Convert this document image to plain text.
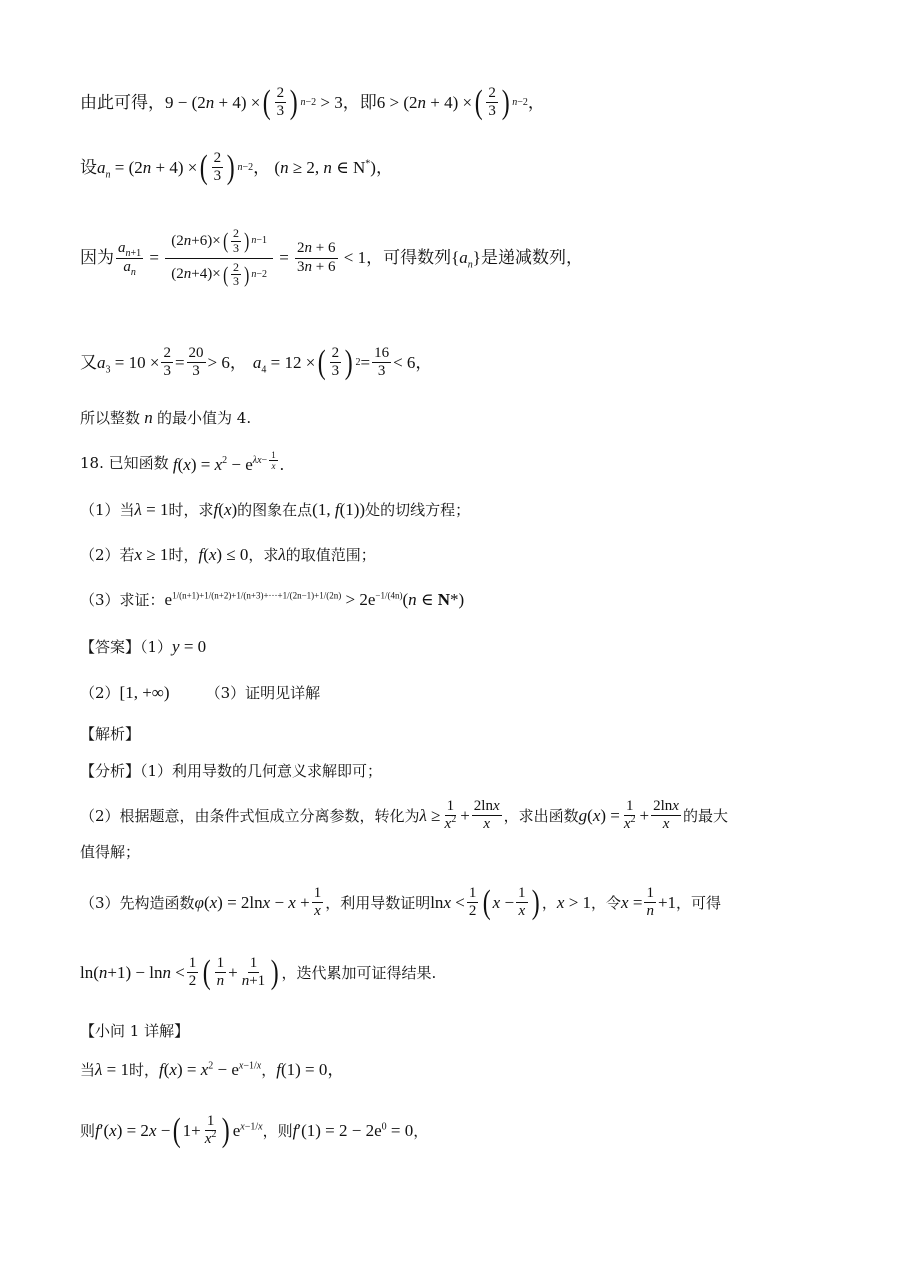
由此可得， 9 − (2n + 4) × ( $\frac{2}{3}$ ) n−2 > 3 ，即 6 > (2n + 4) × ( $\frac{2}{3}$ ) n−2 ，
设 $a_n = (2n + 4)$ × ( $\frac{2}{3}$ ) n−2 ， (n ≥ 2, n ∈ N*) ，
因为 $\frac{a_{n+1}}{a_n} = \frac{(2 n +6)\times ( \frac{2}{3} ) n-1}{(2 n +4)\times ( \frac{2}{3} ) n-2} = \frac{2n + 6}{3n + 6} < 1$ ，可得数列 $\{a_n\}$ 是递减数列，
又 $a_3 = 10 \times \frac{2}{3} = \frac{20}{3} > 6$ ， $a_4 = 12$ × ( $\frac{2}{3}$ ) $2 = \frac{16}{3} < 6$ ，
所以整数 n 的最小值为 4.
18. 已知函数 $f(x) = x^2 - e^{\lambda x- \frac{1}{x}}$ .
（1）当 λ = 1 时，求 f(x) 的图象在点 (1, f(1)) 处的切线方程；
（2）若 x ≥ 1 时， f(x) ≤ 0 ，求 λ 的取值范围；
（3）求证： $e^{1/(n+1)+1/(n+2)+1/(n+3)+\cdot\cdot\cdot+1/(2n-1)+1/(2n)} > 2e^{-1/(4n)}(n$ ∈ N*)
【答案】（1） y = 0
（2） [1, +∞) （3）证明见详解
【解析】
【分析】（1）利用导数的几何意义求解即可；
（2）根据题意，由条件式恒成立分离参数，转化为 $\lambda \ge \frac{1}{x^2} + \frac{2\ln x}{x}$ ，求出函数 $g(x) = \frac{1}{x^2} + \frac{2\ln x}{x}$ 的最大
值得解；
（3）先构造函数 $\varphi(x) = 2\ln x - x + \frac{1}{x}$ ，利用导数证明 $\ln x < \frac{1}{2}$ ( $x - \frac{1}{x}$ ) ， x > 1 ，令 $x = \frac{1}{n} +1$ ，可得
$\ln(n+1) - \ln n < \frac{1}{2}$ ( $\frac{1}{n} + \frac{1}{n+1}$ ) ，迭代累加可证得结果.
【小问 1 详解】
当 λ = 1 时， $f(x) = x^2 - e^{x-1/x}$ ， f(1) = 0，
则 f′(x) = 2x − ( $1+ \frac{1}{x^2}$ ) $e^{x-1/x}$ ，则 $f'(1) = 2 - 2e^0 = 0$ ，
